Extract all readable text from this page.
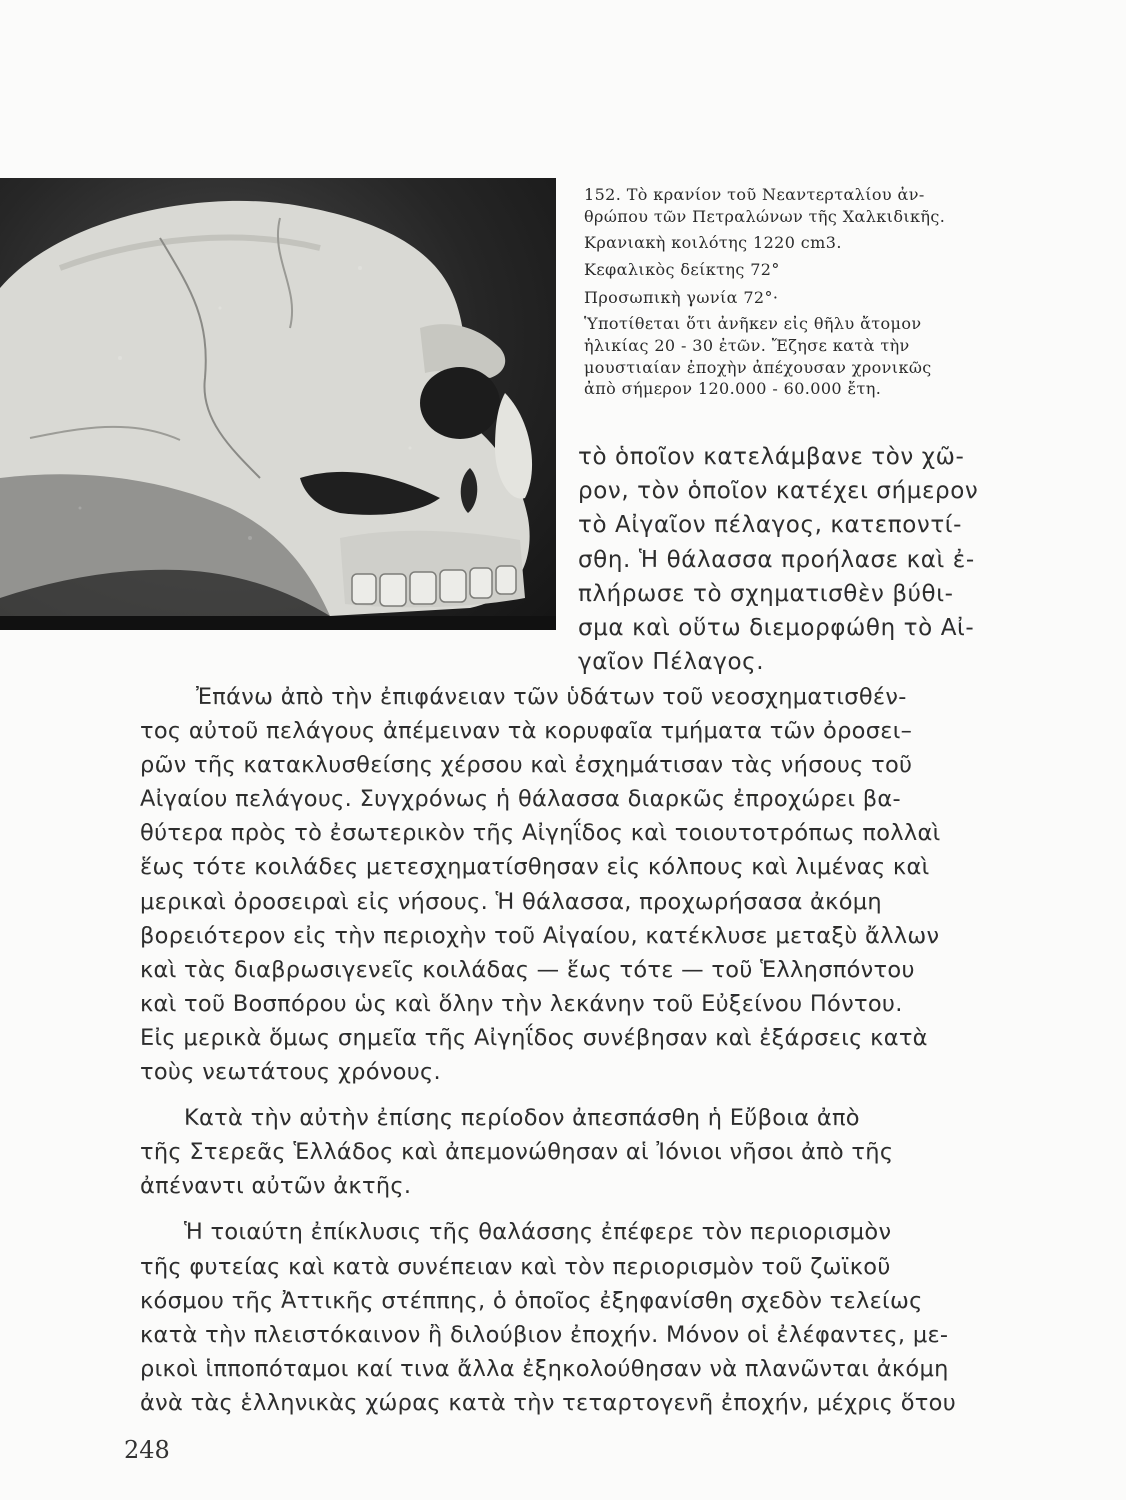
152. Τὸ κρανίον τοῦ Νεαντερταλίου ἀν-
θρώπου τῶν Πετραλώνων τῆς Χαλκιδικῆς.
Κρανιακὴ κοιλότης 1220 cm3.
Κεφαλικὸς δείκτης 72°
Προσωπικὴ γωνία 72°·
Ὑποτίθεται ὅτι ἀνῆκεν εἰς θῆλυ ἄτομον
ἡλικίας 20 - 30 ἐτῶν. Ἔζησε κατὰ τὴν
μουστιαίαν ἐποχὴν ἀπέχουσαν χρονικῶς
ἀπὸ σήμερον 120.000 - 60.000 ἔτη.
τὸ ὁποῖον κατελάμβανε τὸν χῶ-
ρον, τὸν ὁποῖον κατέχει σήμερον
τὸ Αἰγαῖον πέλαγος, κατεποντί-
σθη. Ἡ θάλασσα προήλασε καὶ ἐ-
πλήρωσε τὸ σχηματισθὲν βύθι-
σμα καὶ οὕτω διεμορφώθη τὸ Αἰ-
γαῖον Πέλαγος.
Ἐπάνω ἀπὸ τὴν ἐπιφάνειαν τῶν ὑδάτων τοῦ νεοσχηματισθέν-
τος αὐτοῦ πελάγους ἀπέμειναν τὰ κορυφαῖα τμήματα τῶν ὀροσει–
ρῶν τῆς κατακλυσθείσης χέρσου καὶ ἐσχημάτισαν τὰς νήσους τοῦ
Αἰγαίου πελάγους. Συγχρόνως ἡ θάλασσα διαρκῶς ἐπροχώρει βα-
θύτερα πρὸς τὸ ἐσωτερικὸν τῆς Αἰγηΐδος καὶ τοιουτοτρόπως πολλαὶ
ἕως τότε κοιλάδες μετεσχηματίσθησαν εἰς κόλπους καὶ λιμένας καὶ
μερικαὶ ὀροσειραὶ εἰς νήσους. Ἡ θάλασσα, προχωρήσασα ἀκόμη
βορειότερον εἰς τὴν περιοχὴν τοῦ Αἰγαίου, κατέκλυσε μεταξὺ ἄλλων
καὶ τὰς διαβρωσιγενεῖς κοιλάδας — ἕως τότε — τοῦ Ἑλλησπόντου
καὶ τοῦ Βοσπόρου ὡς καὶ ὅλην τὴν λεκάνην τοῦ Εὐξείνου Πόντου.
Εἰς μερικὰ ὅμως σημεῖα τῆς Αἰγηΐδος συνέβησαν καὶ ἐξάρσεις κατὰ
τοὺς νεωτάτους χρόνους.
Κατὰ τὴν αὐτὴν ἐπίσης περίοδον ἀπεσπάσθη ἡ Εὔβοια ἀπὸ
τῆς Στερεᾶς Ἑλλάδος καὶ ἀπεμονώθησαν αἱ Ἰόνιοι νῆσοι ἀπὸ τῆς
ἀπέναντι αὐτῶν ἀκτῆς.
Ἡ τοιαύτη ἐπίκλυσις τῆς θαλάσσης ἐπέφερε τὸν περιορισμὸν
τῆς φυτείας καὶ κατὰ συνέπειαν καὶ τὸν περιορισμὸν τοῦ ζωϊκοῦ
κόσμου τῆς Ἀττικῆς στέππης, ὁ ὁποῖος ἐξηφανίσθη σχεδὸν τελείως
κατὰ τὴν πλειστόκαινον ἢ διλούβιον ἐποχήν. Μόνον οἱ ἐλέφαντες, με-
ρικοὶ ἱπποπόταμοι καί τινα ἄλλα ἐξηκολούθησαν νὰ πλανῶνται ἀκόμη
ἀνὰ τὰς ἑλληνικὰς χώρας κατὰ τὴν τεταρτογενῆ ἐποχήν, μέχρις ὅτου
248
